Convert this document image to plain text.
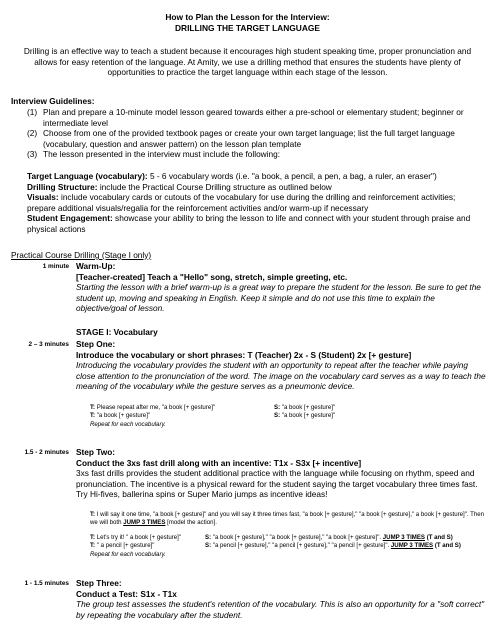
How to Plan the Lesson for the Interview:
DRILLING THE TARGET LANGUAGE
Drilling is an effective way to teach a student because it encourages high student speaking time, proper pronunciation and allows for easy retention of the language. At Amity, we use a drilling method that ensures the students have plenty of opportunities to practice the target language within each stage of the lesson.
Interview Guidelines:
(1) Plan and prepare a 10-minute model lesson geared towards either a pre-school or elementary student; beginner or intermediate level
(2) Choose from one of the provided textbook pages or create your own target language; list the full target language (vocabulary, question and answer pattern) on the lesson plan template
(3) The lesson presented in the interview must include the following:
Target Language (vocabulary): 5 - 6 vocabulary words (i.e. "a book, a pencil, a pen, a bag, a ruler, an eraser")
Drilling Structure: include the Practical Course Drilling structure as outlined below
Visuals: include vocabulary cards or cutouts of the vocabulary for use during the drilling and reinforcement activities; prepare additional visuals/regalia for the reinforcement activities and/or warm-up if necessary
Student Engagement: showcase your ability to bring the lesson to life and connect with your student through praise and physical actions
Practical Course Drilling (Stage I only)
1 minute Warm-Up:
[Teacher-created] Teach a "Hello" song, stretch, simple greeting, etc.
Starting the lesson with a brief warm-up is a great way to prepare the student for the lesson. Be sure to get the student up, moving and speaking in English. Keep it simple and do not use this time to explain the objective/goal of lesson.
STAGE I: Vocabulary
2 – 3 minutes Step One:
Introduce the vocabulary or short phrases: T (Teacher) 2x - S (Student) 2x [+ gesture]
Introducing the vocabulary provides the student with an opportunity to repeat after the teacher while paying close attention to the pronunciation of the word. The image on the vocabulary card serves as a way to teach the meaning of the vocabulary while the gesture serves as a pneumonic device.
T: Please repeat after me, "a book [+ gesture]"
T: "a book [+ gesture]"
Repeat for each vocabulary.
S: "a book [+ gesture]"
S: "a book [+ gesture]"
1.5 - 2 minutes Step Two:
Conduct the 3xs fast drill along with an incentive: T1x - S3x [+ incentive]
3xs fast drills provides the student additional practice with the language while focusing on rhythm, speed and pronunciation. The incentive is a physical reward for the student saying the target vocabulary three times fast. Try Hi-fives, ballerina spins or Super Mario jumps as incentive ideas!
T: I will say it one time, "a book [+ gesture]" and you will say it three times fast, "a book [+ gesture]," "a book [+ gesture]," a book [+ gesture]". Then we will both JUMP 3 TIMES [model the action].
T: Let's try it! " a book [+ gesture]"
T: " a pencil [+ gesture]"
Repeat for each vocabulary.
S: "a book [+ gesture]," "a book [+ gesture]," "a book [+ gesture]". JUMP 3 TIMES (T and S)
S: "a pencil [+ gesture]," "a pencil [+ gesture]," "a pencil [+ gesture]". JUMP 3 TIMES (T and S)
1 - 1.5 minutes Step Three:
Conduct a Test: S1x - T1x
The group test assesses the student's retention of the vocabulary. This is also an opportunity for a "soft correct" by repeating the vocabulary after the student.
